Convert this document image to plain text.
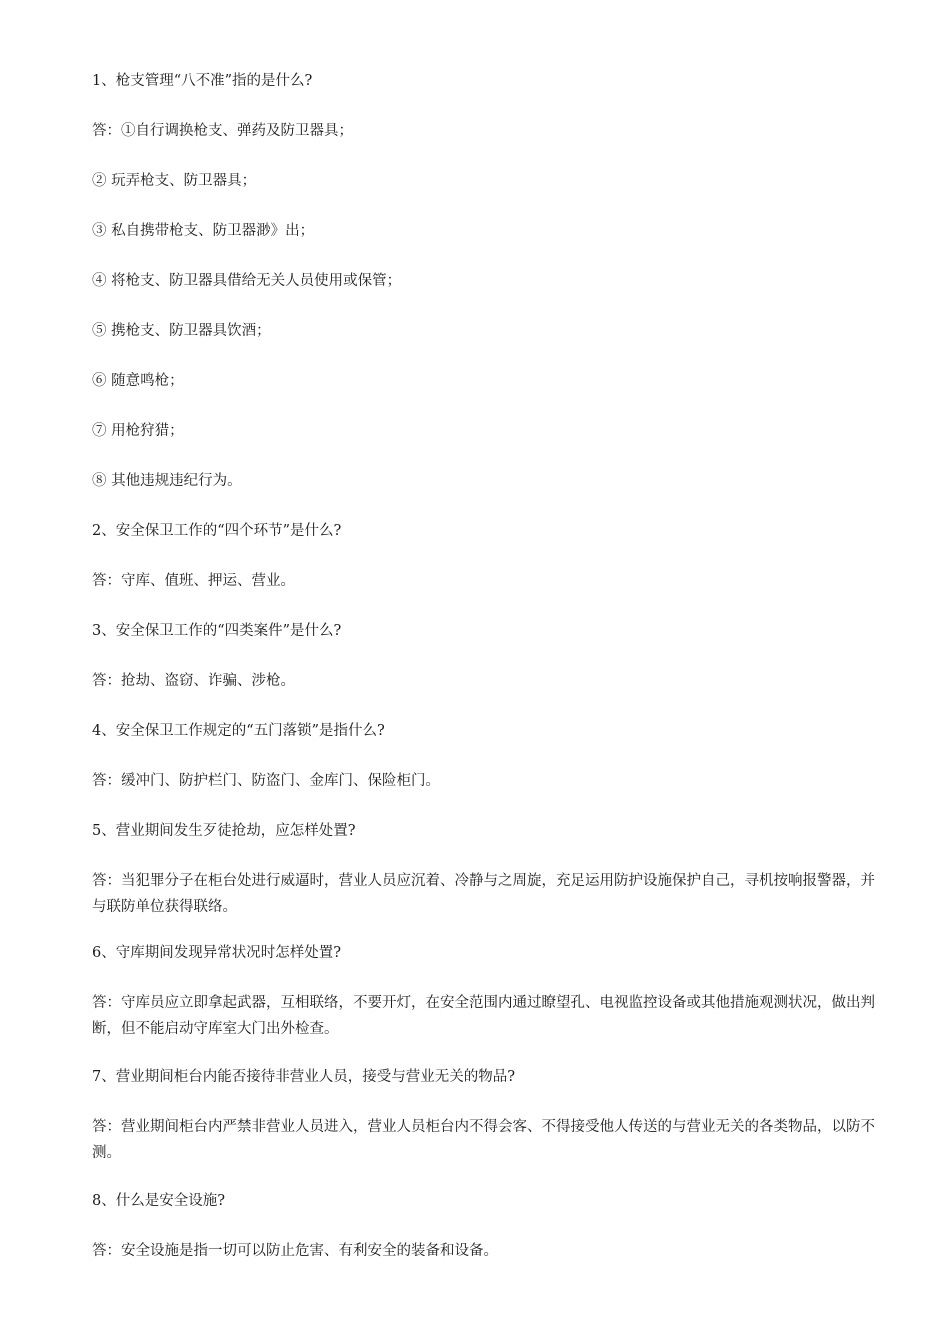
1、枪支管理“八不准”指的是什么?

答：①自行调换枪支、弹药及防卫器具；

② 玩弄枪支、防卫器具；

③ 私自携带枪支、防卫器渺》出；

④ 将枪支、防卫器具借给无关人员使用或保管；

⑤ 携枪支、防卫器具饮酒；

⑥ 随意鸣枪；

⑦ 用枪狩猎；

⑧ 其他违规违纪行为。

2、安全保卫工作的“四个环节”是什么?

答：守库、值班、押运、营业。

3、安全保卫工作的“四类案件”是什么?

答：抢劫、盗窃、诈骗、涉枪。

4、安全保卫工作规定的“五门落锁”是指什么?

答：缓冲门、防护栏门、防盗门、金库门、保险柜门。

5、营业期间发生歹徒抢劫，应怎样处置?

答：当犯罪分子在柜台处进行威逼时，营业人员应沉着、冷静与之周旋，充足运用防护设施保护自己，寻机按响报警器，并与联防单位获得联络。

6、守库期间发现异常状况时怎样处置?

答：守库员应立即拿起武器，互相联络，不要开灯，在安全范围内通过瞭望孔、电视监控设备或其他措施观测状况，做出判断，但不能启动守库室大门出外检查。

7、营业期间柜台内能否接待非营业人员，接受与营业无关的物品?

答：营业期间柜台内严禁非营业人员进入，营业人员柜台内不得会客、不得接受他人传送的与营业无关的各类物品，以防不测。

8、什么是安全设施?

答：安全设施是指一切可以防止危害、有利安全的装备和设备。
